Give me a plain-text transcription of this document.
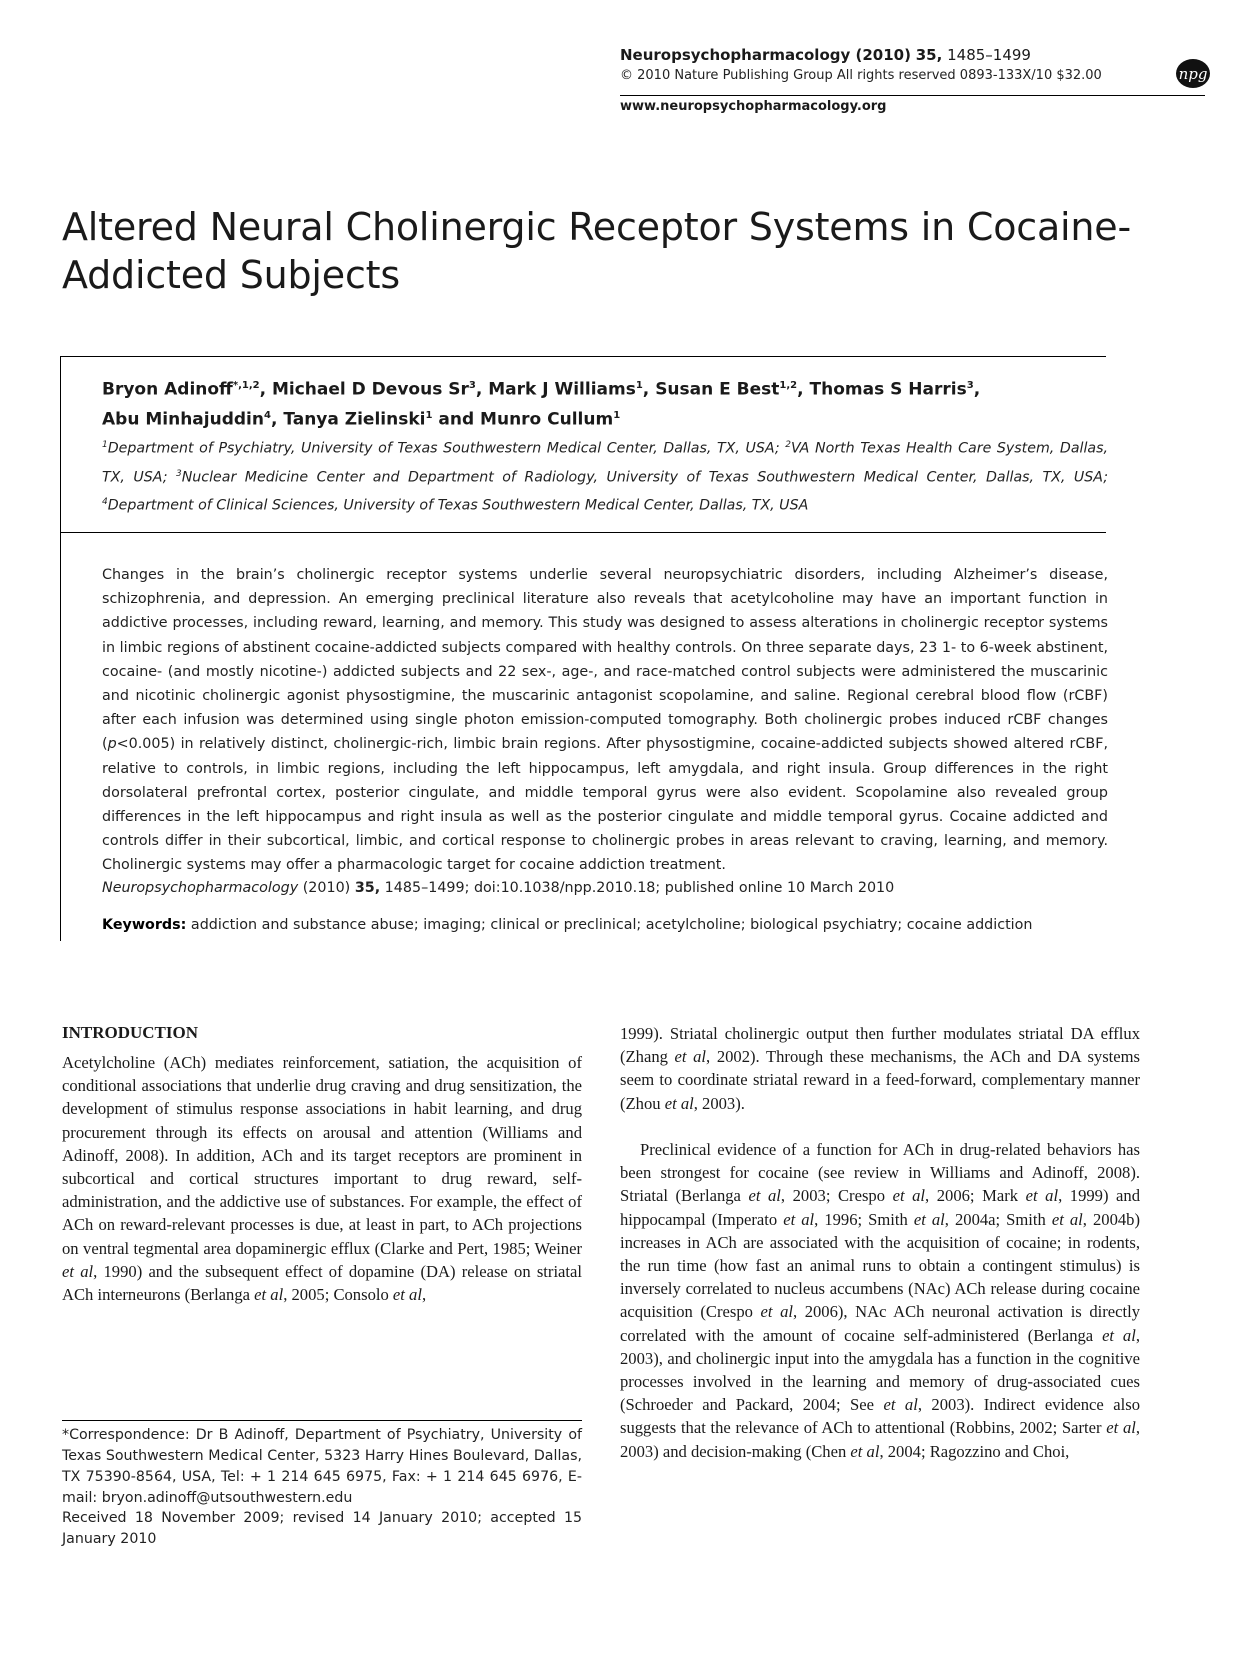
Neuropsychopharmacology (2010) 35, 1485–1499

© 2010 Nature Publishing Group All rights reserved 0893-133X/10 $32.00	npg
www.neuropsychopharmacology.org
Altered Neural Cholinergic Receptor Systems in Cocaine-Addicted Subjects

Bryon Adinoff$^{*,1,2}$, Michael D Devous Sr$^3$, Mark J Williams$^1$, Susan E Best$^{1,2}$, Thomas S Harris$^3$,
Abu Minhajuddin$^4$, Tanya Zielinski$^1$ and Munro Cullum$^1$

$^1$Department of Psychiatry, University of Texas Southwestern Medical Center, Dallas, TX, USA; $^2$VA North Texas Health Care System, Dallas, TX, USA; $^3$Nuclear Medicine Center and Department of Radiology, University of Texas Southwestern Medical Center, Dallas, TX, USA; $^4$Department of Clinical Sciences, University of Texas Southwestern Medical Center, Dallas, TX, USA

Changes in the brain’s cholinergic receptor systems underlie several neuropsychiatric disorders, including Alzheimer’s disease, schizophrenia, and depression. An emerging preclinical literature also reveals that acetylcoholine may have an important function in addictive processes, including reward, learning, and memory. This study was designed to assess alterations in cholinergic receptor systems in limbic regions of abstinent cocaine-addicted subjects compared with healthy controls. On three separate days, 23 1- to 6-week abstinent, cocaine- (and mostly nicotine-) addicted subjects and 22 sex-, age-, and race-matched control subjects were administered the muscarinic and nicotinic cholinergic agonist physostigmine, the muscarinic antagonist scopolamine, and saline. Regional cerebral blood flow (rCBF) after each infusion was determined using single photon emission-computed tomography. Both cholinergic probes induced rCBF changes (p<0.005) in relatively distinct, cholinergic-rich, limbic brain regions. After physostigmine, cocaine-addicted subjects showed altered rCBF, relative to controls, in limbic regions, including the left hippocampus, left amygdala, and right insula. Group differences in the right dorsolateral prefrontal cortex, posterior cingulate, and middle temporal gyrus were also evident. Scopolamine also revealed group differences in the left hippocampus and right insula as well as the posterior cingulate and middle temporal gyrus. Cocaine addicted and controls differ in their subcortical, limbic, and cortical response to cholinergic probes in areas relevant to craving, learning, and memory. Cholinergic systems may offer a pharmacologic target for cocaine addiction treatment.

Neuropsychopharmacology (2010) 35, 1485–1499; doi:10.1038/npp.2010.18; published online 10 March 2010

Keywords: addiction and substance abuse; imaging; clinical or preclinical; acetylcholine; biological psychiatry; cocaine addiction

INTRODUCTION

Acetylcholine (ACh) mediates reinforcement, satiation, the acquisition of conditional associations that underlie drug craving and drug sensitization, the development of stimulus response associations in habit learning, and drug procurement through its effects on arousal and attention (Williams and Adinoff, 2008). In addition, ACh and its target receptors are prominent in subcortical and cortical structures important to drug reward, self-administration, and the addictive use of substances. For example, the effect of ACh on reward-relevant processes is due, at least in part, to ACh projections on ventral tegmental area dopaminergic efflux (Clarke and Pert, 1985; Weiner et al, 1990) and the subsequent effect of dopamine (DA) release on striatal ACh interneurons (Berlanga et al, 2005; Consolo et al,

1999). Striatal cholinergic output then further modulates striatal DA efflux (Zhang et al, 2002). Through these mechanisms, the ACh and DA systems seem to coordinate striatal reward in a feed-forward, complementary manner (Zhou et al, 2003).

Preclinical evidence of a function for ACh in drug-related behaviors has been strongest for cocaine (see review in Williams and Adinoff, 2008). Striatal (Berlanga et al, 2003; Crespo et al, 2006; Mark et al, 1999) and hippocampal (Imperato et al, 1996; Smith et al, 2004a; Smith et al, 2004b) increases in ACh are associated with the acquisition of cocaine; in rodents, the run time (how fast an animal runs to obtain a contingent stimulus) is inversely correlated to nucleus accumbens (NAc) ACh release during cocaine acquisition (Crespo et al, 2006), NAc ACh neuronal activation is directly correlated with the amount of cocaine self-administered (Berlanga et al, 2003), and cholinergic input into the amygdala has a function in the cognitive processes involved in the learning and memory of drug-associated cues (Schroeder and Packard, 2004; See et al, 2003). Indirect evidence also suggests that the relevance of ACh to attentional (Robbins, 2002; Sarter et al, 2003) and decision-making (Chen et al, 2004; Ragozzino and Choi,

*Correspondence: Dr B Adinoff, Department of Psychiatry, University of Texas Southwestern Medical Center, 5323 Harry Hines Boulevard, Dallas, TX 75390-8564, USA, Tel: + 1 214 645 6975, Fax: + 1 214 645 6976, E-mail: bryon.adinoff@utsouthwestern.edu

Received 18 November 2009; revised 14 January 2010; accepted 15 January 2010
